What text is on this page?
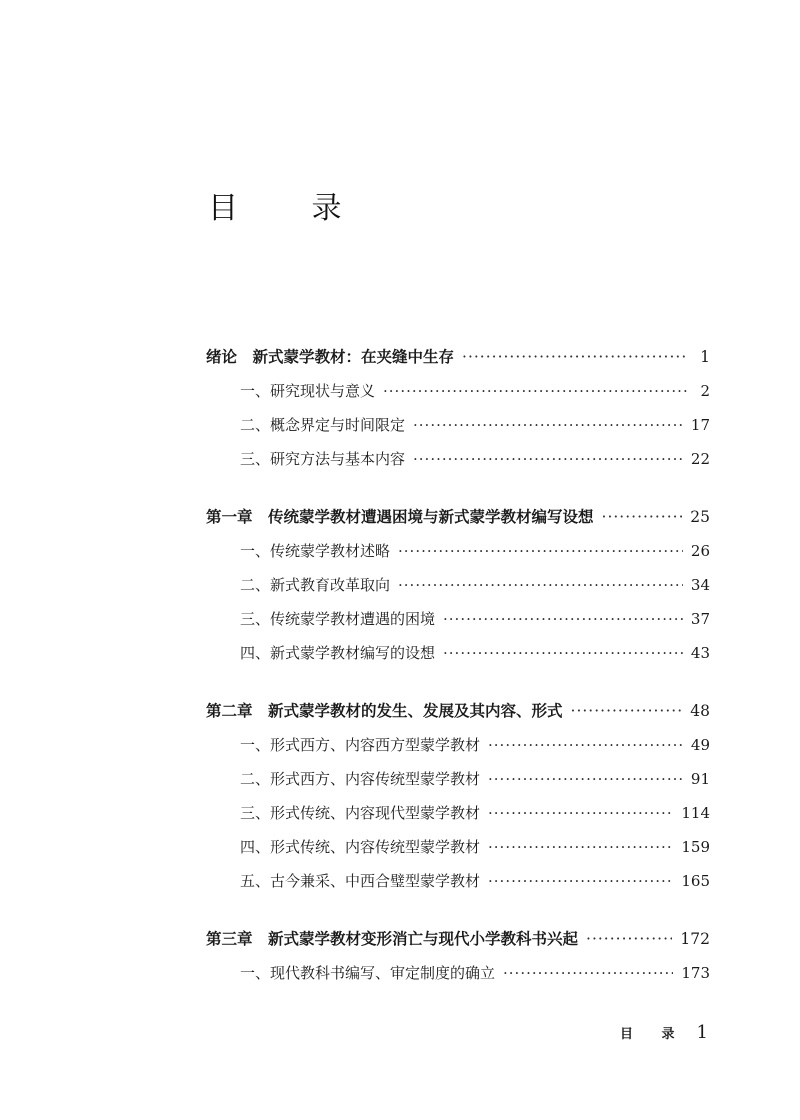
目 录
绪论　新式蒙学教材：在夹缝中生存 ·····	1
一、研究现状与意义 ·····	2
二、概念界定与时间限定 ·····	17
三、研究方法与基本内容 ·····	22
第一章　传统蒙学教材遭遇困境与新式蒙学教材编写设想 ·····	25
一、传统蒙学教材述略 ·····	26
二、新式教育改革取向 ·····	34
三、传统蒙学教材遭遇的困境 ·····	37
四、新式蒙学教材编写的设想 ·····	43
第二章　新式蒙学教材的发生、发展及其内容、形式 ·····	48
一、形式西方、内容西方型蒙学教材 ·····	49
二、形式西方、内容传统型蒙学教材 ·····	91
三、形式传统、内容现代型蒙学教材 ·····	114
四、形式传统、内容传统型蒙学教材 ·····	159
五、古今兼采、中西合璧型蒙学教材 ·····	165
第三章　新式蒙学教材变形消亡与现代小学教科书兴起 ·····	172
一、现代教科书编写、审定制度的确立 ·····	173
目 录 1
